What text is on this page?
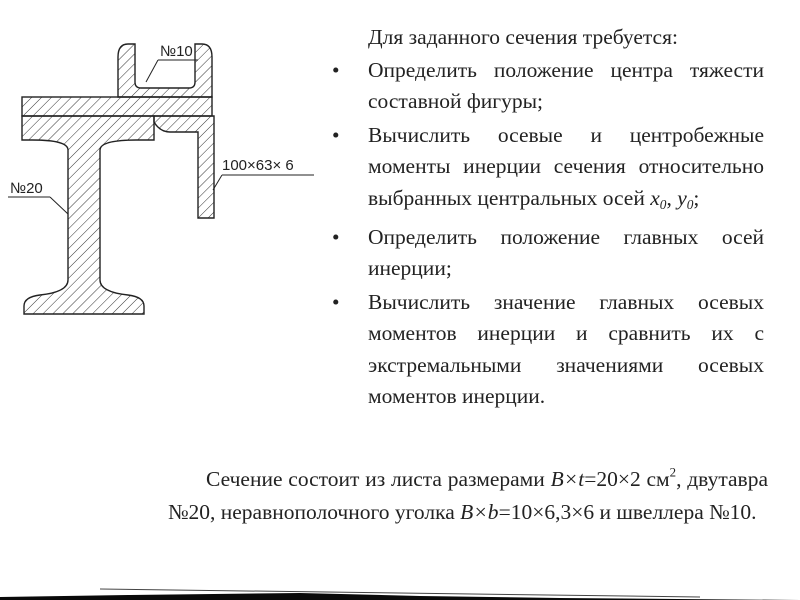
№10
№20
100×63× 6

Для заданного сечения требуется:

• Определить положение центра тяжести составной фигуры;
• Вычислить осевые и центробежные моменты инерции сечения относительно выбранных центральных осей $x_0$, $y_0$;
• Определить положение главных осей инерции;
• Вычислить значение главных осевых моментов инерции и сравнить их с экстремальными значениями осевых моментов инерции.

Сечение состоит из листа размерами B×t=20×2 $см^2$, двутавра №20, неравнополочного уголка B×b=10×6,3×6 и швеллера №10.
